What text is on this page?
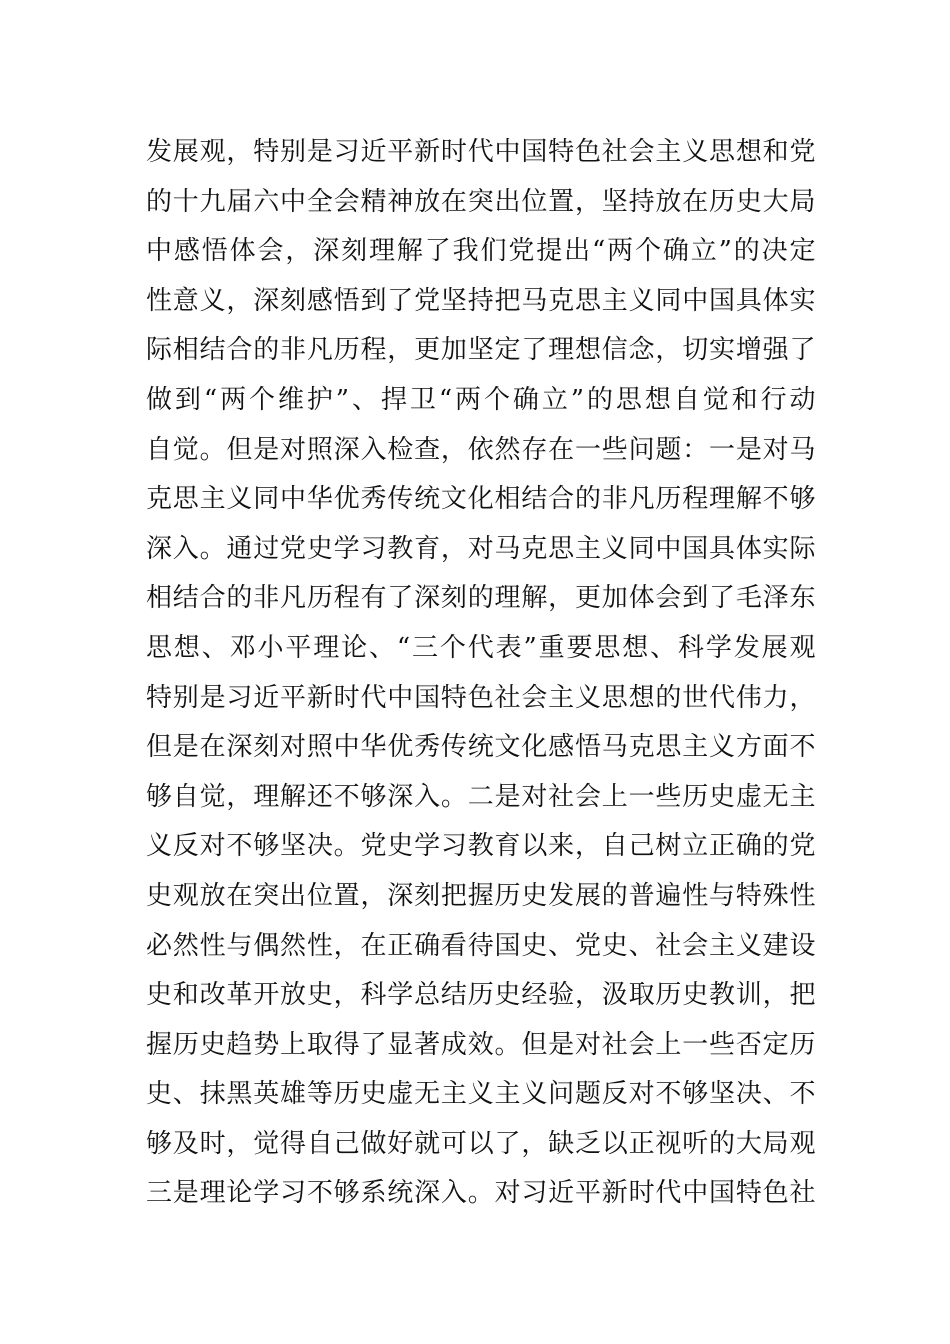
发展观，特别是习近平新时代中国特色社会主义思想和党
的十九届六中全会精神放在突出位置，坚持放在历史大局
中感悟体会，深刻理解了我们党提出“两个确立”的决定
性意义，深刻感悟到了党坚持把马克思主义同中国具体实
际相结合的非凡历程，更加坚定了理想信念，切实增强了
做到“两个维护”、捍卫“两个确立”的思想自觉和行动
自觉。但是对照深入检查，依然存在一些问题：一是对马
克思主义同中华优秀传统文化相结合的非凡历程理解不够
深入。通过党史学习教育，对马克思主义同中国具体实际
相结合的非凡历程有了深刻的理解，更加体会到了毛泽东
思想、邓小平理论、“三个代表”重要思想、科学发展观
特别是习近平新时代中国特色社会主义思想的世代伟力，
但是在深刻对照中华优秀传统文化感悟马克思主义方面不
够自觉，理解还不够深入。二是对社会上一些历史虚无主
义反对不够坚决。党史学习教育以来，自己树立正确的党
史观放在突出位置，深刻把握历史发展的普遍性与特殊性
必然性与偶然性，在正确看待国史、党史、社会主义建设
史和改革开放史，科学总结历史经验，汲取历史教训，把
握历史趋势上取得了显著成效。但是对社会上一些否定历
史、抹黑英雄等历史虚无主义主义问题反对不够坚决、不
够及时，觉得自己做好就可以了，缺乏以正视听的大局观
三是理论学习不够系统深入。对习近平新时代中国特色社
